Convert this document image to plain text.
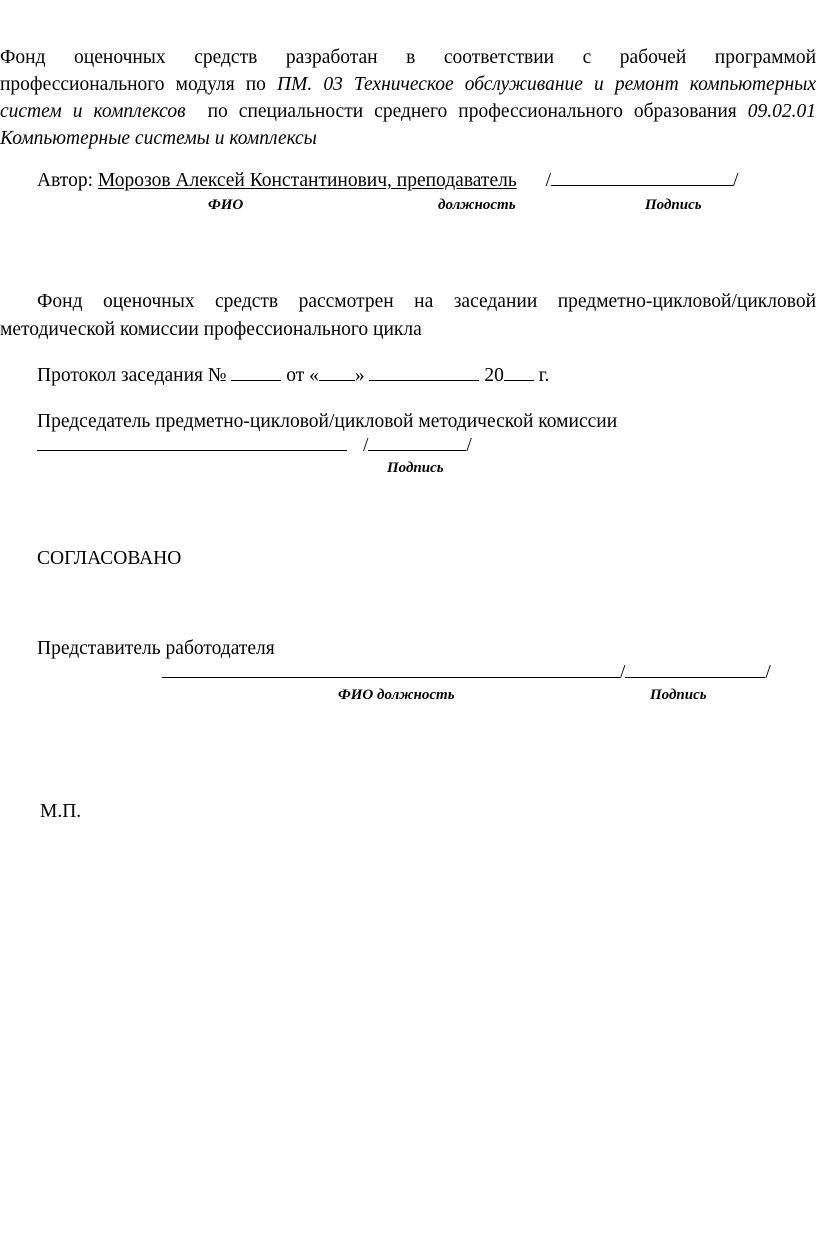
Фонд оценочных средств разработан в соответствии с рабочей программой
профессионального модуля по ПМ. 03 Техническое обслуживание и ремонт компьютерных
систем и комплексов  по специальности среднего профессионального образования 09.02.01
Компьютерные системы и комплексы
Автор: Морозов Алексей Константинович, преподаватель /	/
ФИО	должность	Подпись
Фонд оценочных средств рассмотрен на заседании предметно-цикловой/цикловой
методической комиссии профессионального цикла
Протокол заседания №	от « »	20 г.
Председатель предметно-цикловой/цикловой методической комиссии
/	/
Подпись
СОГЛАСОВАНО
Представитель работодателя
/	/
ФИО должность	Подпись
М.П.
